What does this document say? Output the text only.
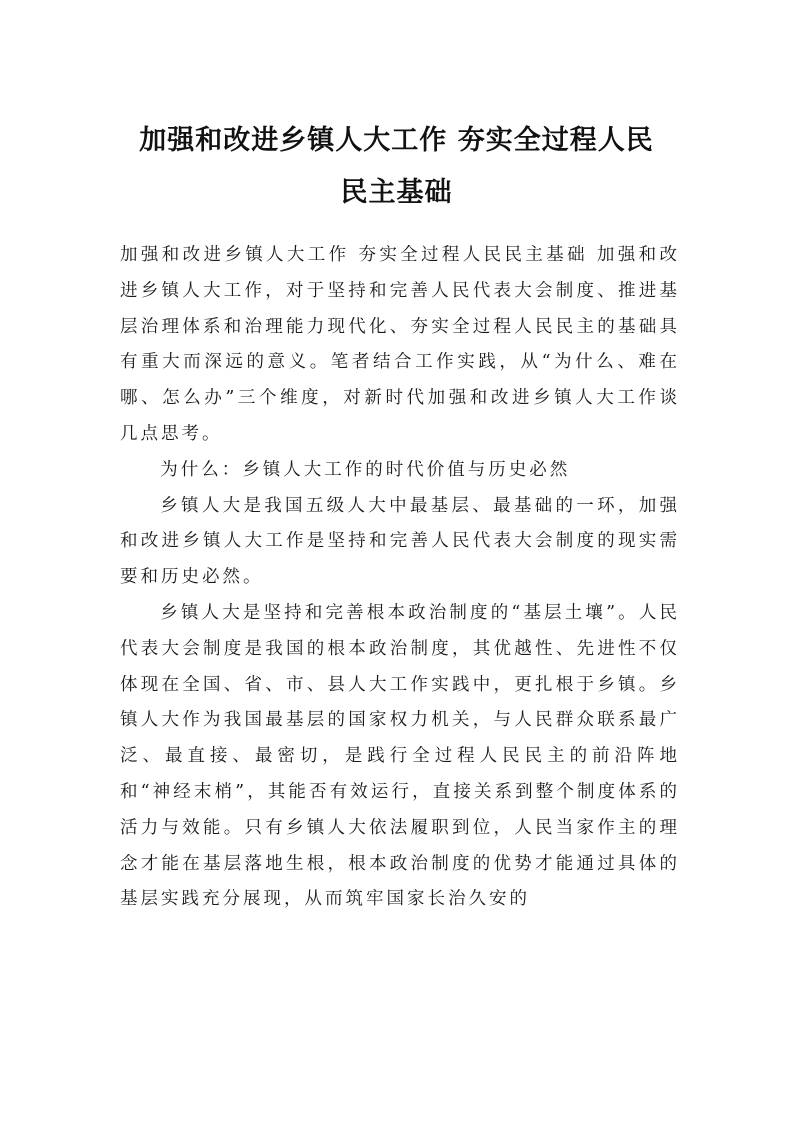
加强和改进乡镇人大工作 夯实全过程人民
民主基础

加强和改进乡镇人大工作 夯实全过程人民民主基础 加强和改进乡镇人大工作，对于坚持和完善人民代表大会制度、推进基层治理体系和治理能力现代化、夯实全过程人民民主的基础具有重大而深远的意义。笔者结合工作实践，从“为什么、难在哪、怎么办”三个维度，对新时代加强和改进乡镇人大工作谈几点思考。

为什么：乡镇人大工作的时代价值与历史必然

乡镇人大是我国五级人大中最基层、最基础的一环，加强和改进乡镇人大工作是坚持和完善人民代表大会制度的现实需要和历史必然。

乡镇人大是坚持和完善根本政治制度的“基层土壤”。人民代表大会制度是我国的根本政治制度，其优越性、先进性不仅体现在全国、省、市、县人大工作实践中，更扎根于乡镇。乡镇人大作为我国最基层的国家权力机关，与人民群众联系最广泛、最直接、最密切，是践行全过程人民民主的前沿阵地和“神经末梢”，其能否有效运行，直接关系到整个制度体系的活力与效能。只有乡镇人大依法履职到位，人民当家作主的理念才能在基层落地生根，根本政治制度的优势才能通过具体的基层实践充分展现，从而筑牢国家长治久安的
